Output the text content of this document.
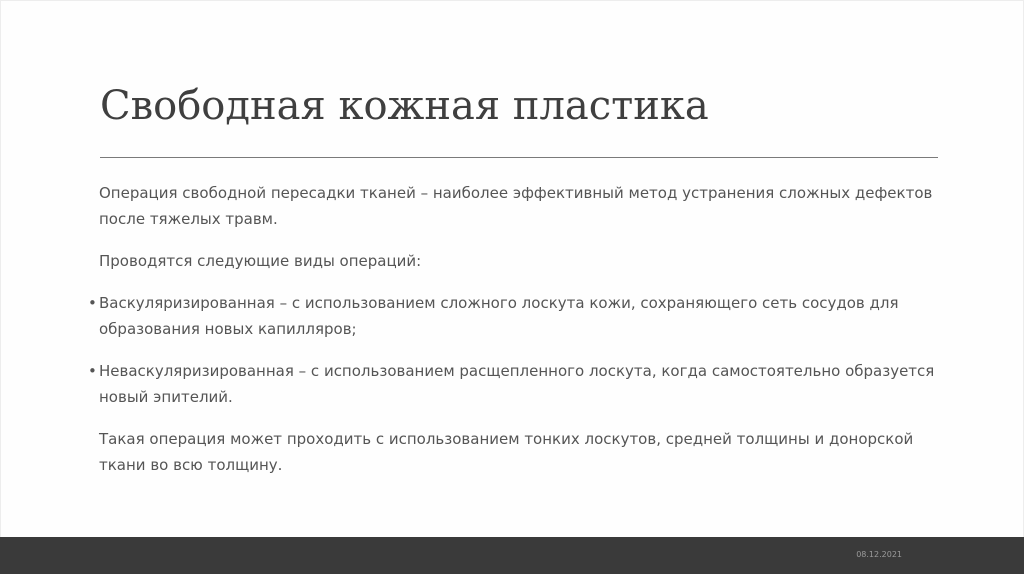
Свободная кожная пластика

Операция свободной пересадки тканей – наиболее эффективный метод устранения сложных дефектов после тяжелых травм.

Проводятся следующие виды операций:

• Васкуляризированная – с использованием сложного лоскута кожи, сохраняющего сеть сосудов для образования новых капилляров;

• Неваскуляризированная – с использованием расщепленного лоскута, когда самостоятельно образуется новый эпителий.

Такая операция может проходить с использованием тонких лоскутов, средней толщины и донорской ткани во всю толщину.

08.12.2021
